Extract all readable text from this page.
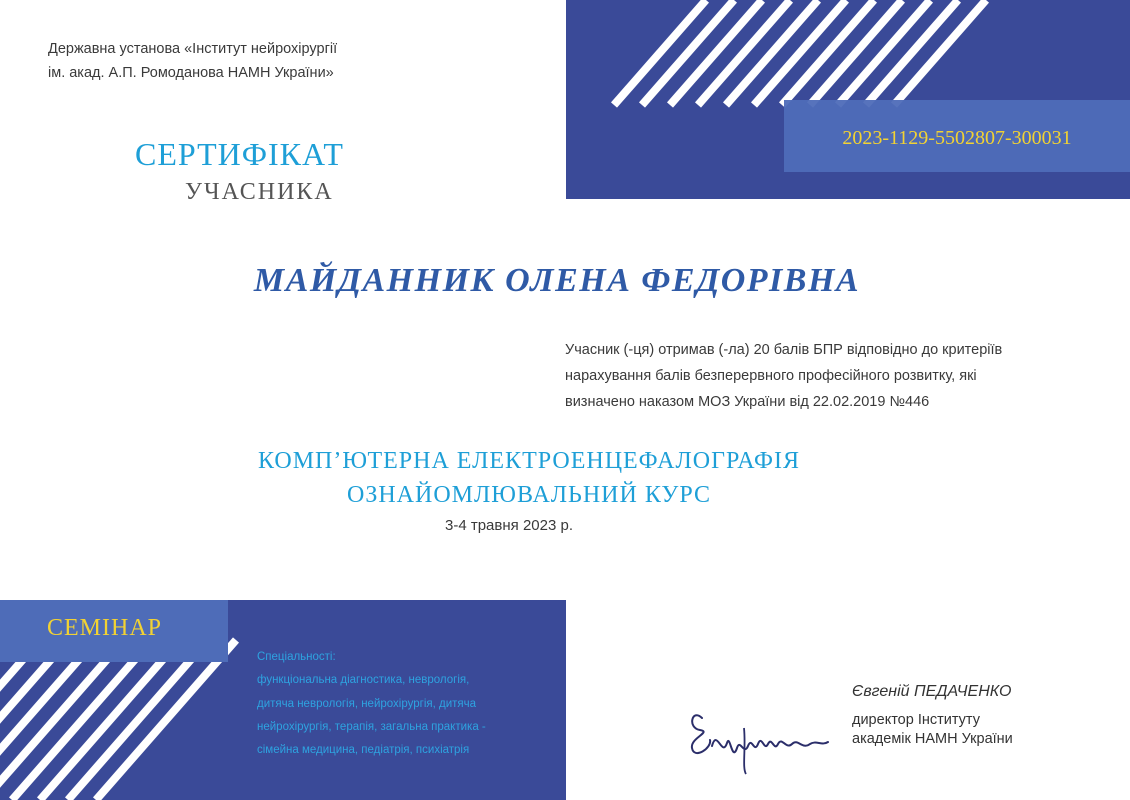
2023-1129-5502807-300031
Державна установа «Інститут нейрохірургії
ім. акад. А.П. Ромоданова НАМН України»
СЕРТИФІКАТ
УЧАСНИКА
МАЙДАННИК ОЛЕНА ФЕДОРІВНА
Учасник (-ця) отримав (-ла) 20 балів БПР відповідно до критеріїв
нарахування балів безперервного професійного розвитку, які
визначено наказом МОЗ України від 22.02.2019 №446
КОМП’ЮТЕРНА ЕЛЕКТРОЕНЦЕФАЛОГРАФІЯ
ОЗНАЙОМЛЮВАЛЬНИЙ КУРС
3-4 травня 2023 р.
СЕМІНАР
Спеціальності:
функціональна діагностика, неврологія,
дитяча неврологія, нейрохірургія, дитяча
нейрохірургія, терапія, загальна практика -
сімейна медицина, педіатрія, психіатрія
Євгеній ПЕДАЧЕНКО
директор Інституту
академік НАМН України
